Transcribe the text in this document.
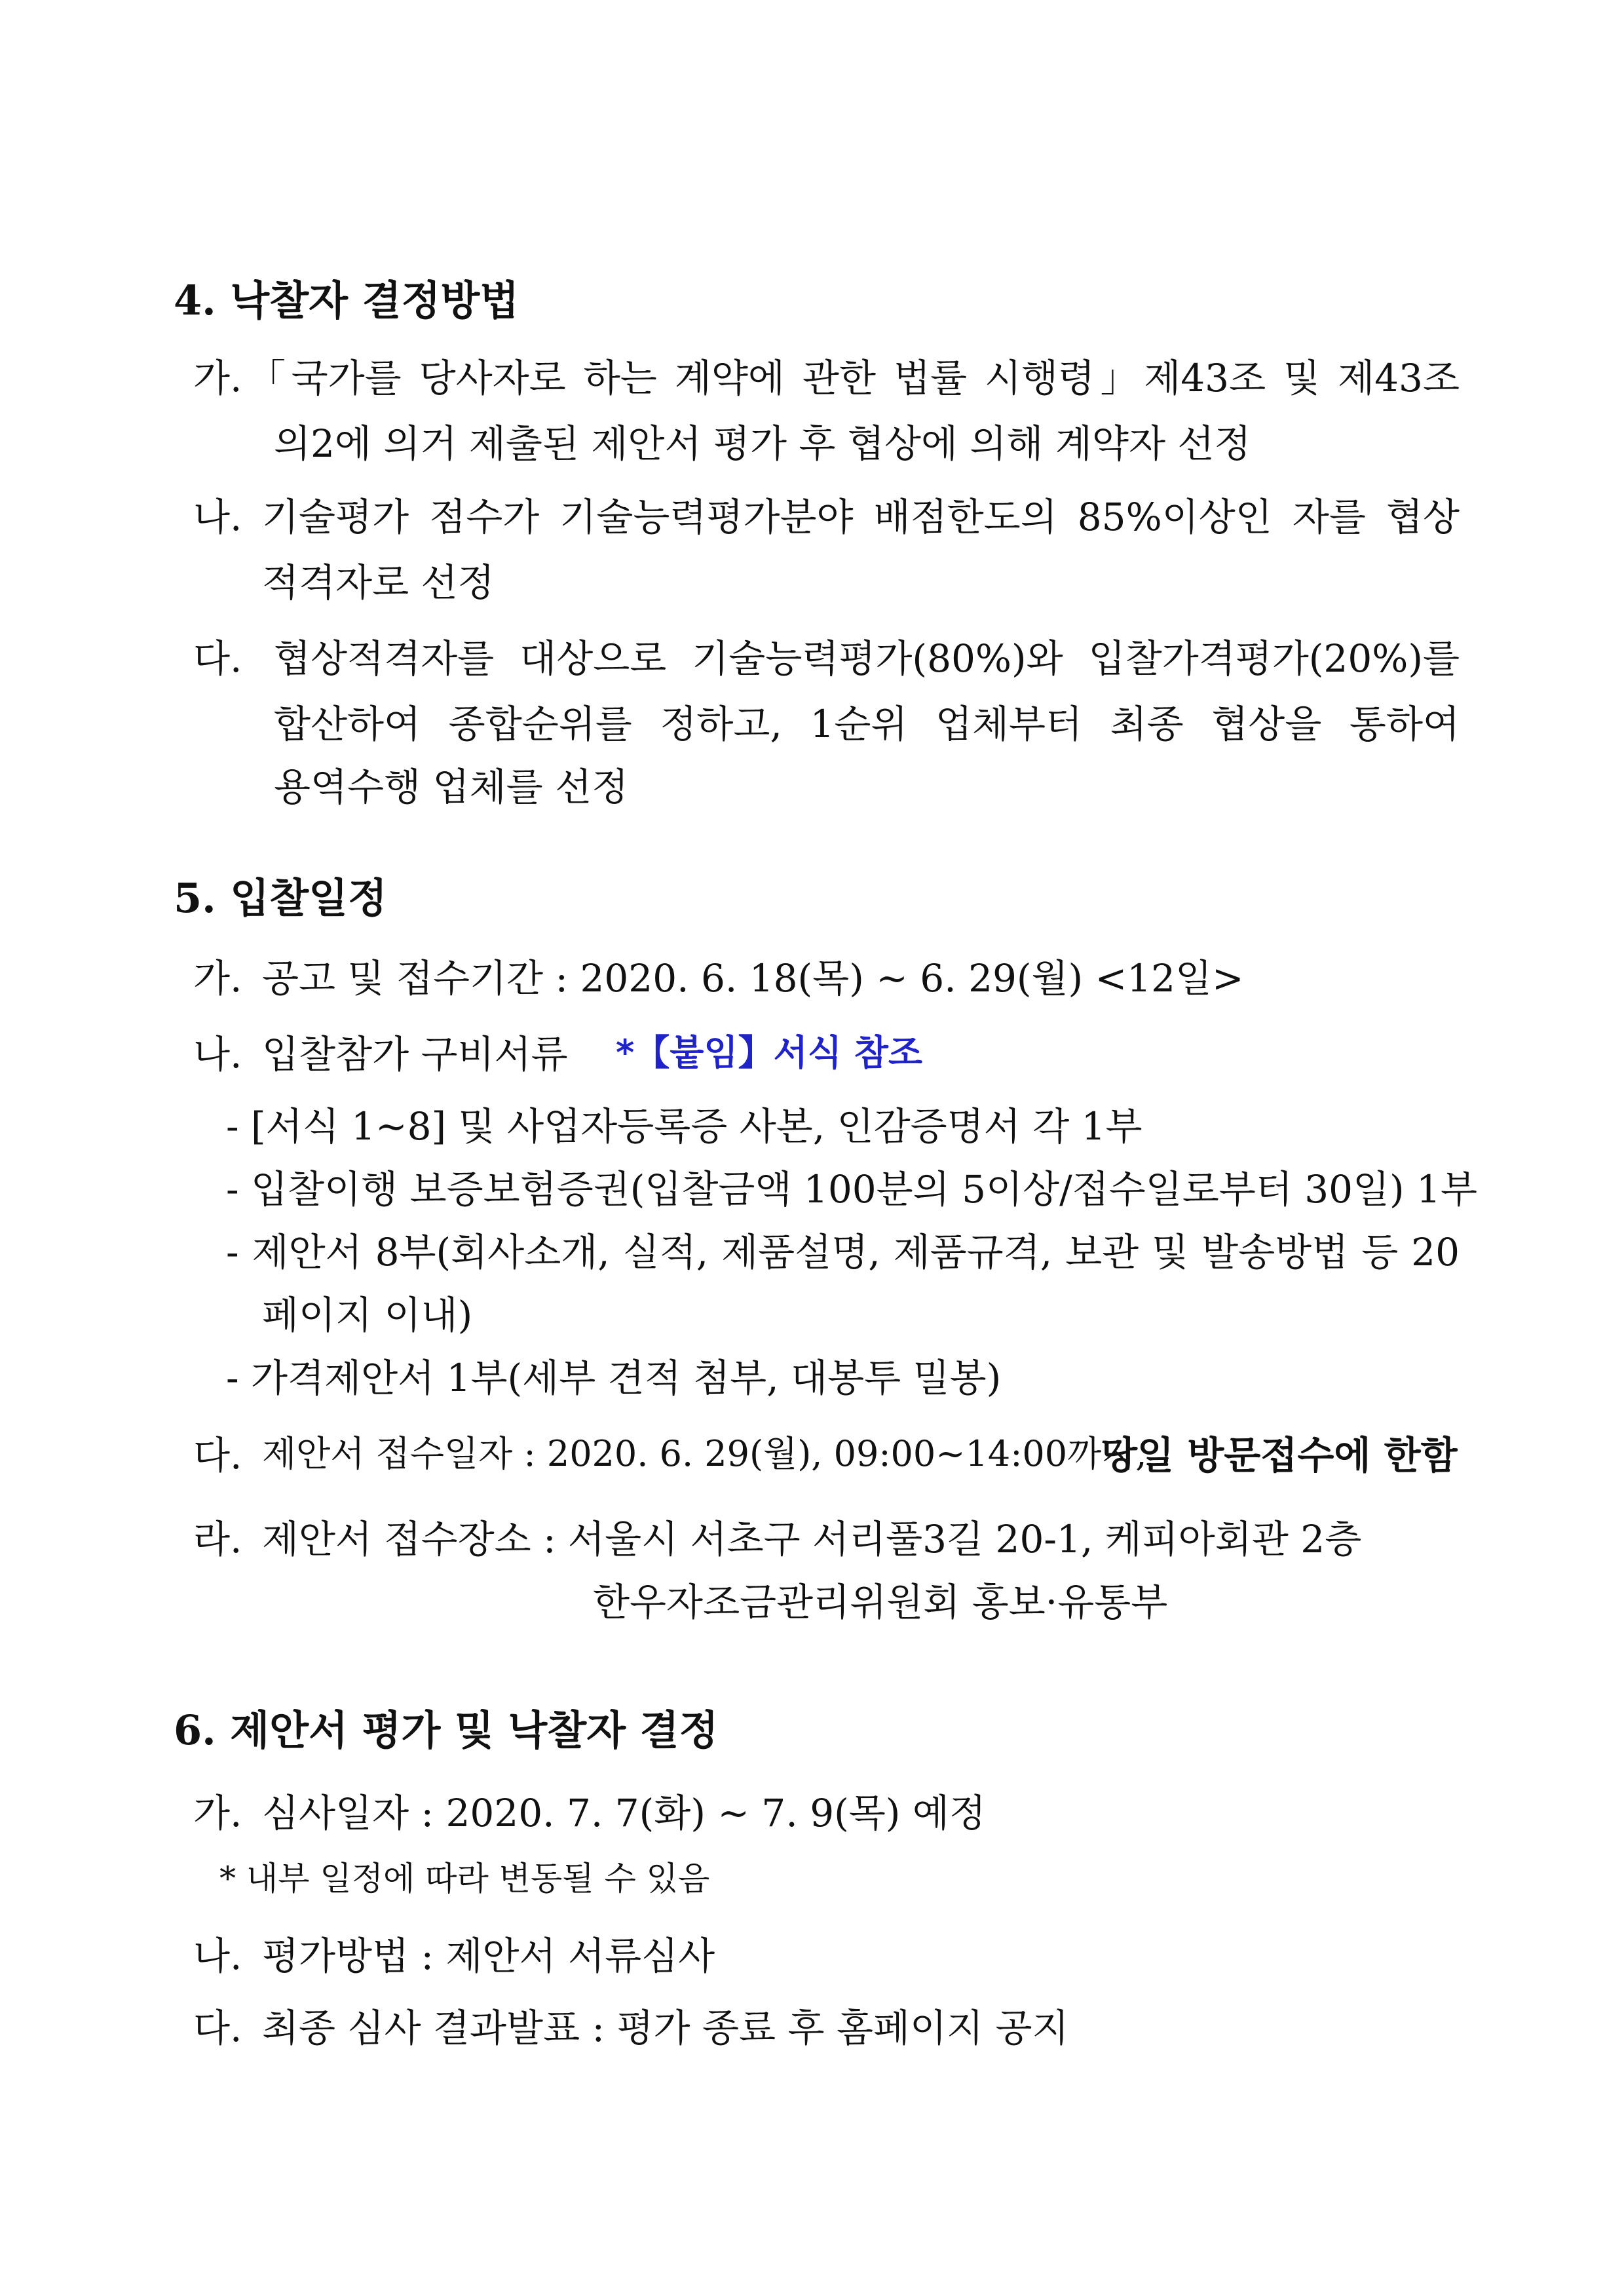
4. 낙찰자 결정방법
가. 「국가를 당사자로 하는 계약에 관한 법률 시행령」제43조 및 제43조
의2에 의거 제출된 제안서 평가 후 협상에 의해 계약자 선정
나. 기술평가 점수가 기술능력평가분야 배점한도의 85%이상인 자를 협상
적격자로 선정
다. 협상적격자를 대상으로 기술능력평가(80%)와 입찰가격평가(20%)를
합산하여 종합순위를 정하고, 1순위 업체부터 최종 협상을 통하여
용역수행 업체를 선정
5. 입찰일정
가. 공고 및 접수기간 : 2020. 6. 18(목) ~ 6. 29(월) <12일>
나. 입찰참가 구비서류 *【붙임】서식 참조
- [서식 1~8] 및 사업자등록증 사본, 인감증명서 각 1부
- 입찰이행 보증보험증권(입찰금액 100분의 5이상/접수일로부터 30일) 1부
- 제안서 8부(회사소개, 실적, 제품설명, 제품규격, 보관 및 발송방법 등 20
페이지 이내)
- 가격제안서 1부(세부 견적 첨부, 대봉투 밀봉)
다. 제안서 접수일자 : 2020. 6. 29(월), 09:00~14:00까지,
당일 방문접수에 한함
라. 제안서 접수장소 : 서울시 서초구 서리풀3길 20-1, 케피아회관 2층
한우자조금관리위원회 홍보·유통부
6. 제안서 평가 및 낙찰자 결정
가. 심사일자 : 2020. 7. 7(화) ~ 7. 9(목) 예정
* 내부 일정에 따라 변동될 수 있음
나. 평가방법 : 제안서 서류심사
다. 최종 심사 결과발표 : 평가 종료 후 홈페이지 공지
